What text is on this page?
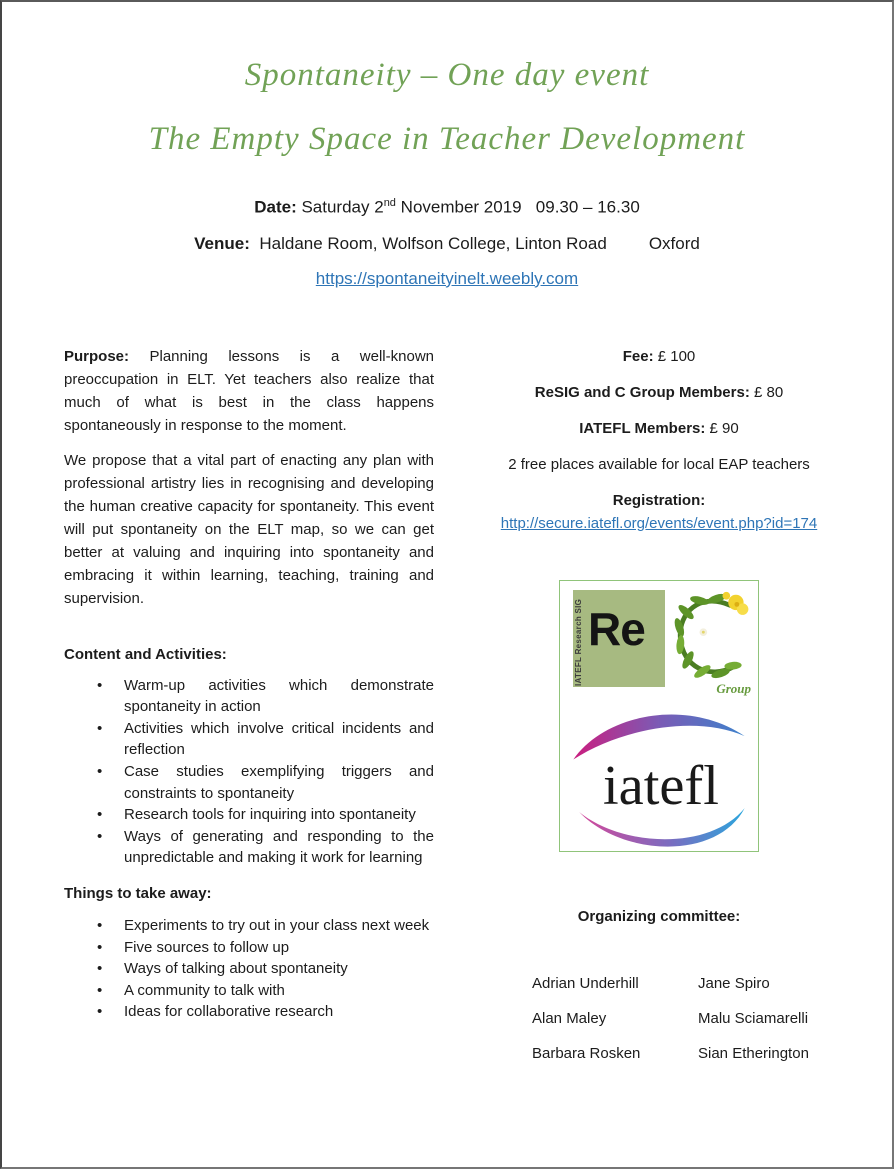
Spontaneity – One day event
The Empty Space in Teacher Development
Date: Saturday 2nd November 2019   09.30 – 16.30
Venue:  Haldane Room, Wolfson College, Linton Road Oxford
https://spontaneityinelt.weebly.com

Purpose: Planning lessons is a well-known preoccupation in ELT. Yet teachers also realize that much of what is best in the class happens spontaneously in response to the moment.

We propose that a vital part of enacting any plan with professional artistry lies in recognising and developing the human creative capacity for spontaneity. This event will put spontaneity on the ELT map, so we can get better at valuing and inquiring into spontaneity and embracing it within learning, teaching, training and supervision.

Content and Activities:
• Warm-up activities which demonstrate spontaneity in action
• Activities which involve critical incidents and reflection
• Case studies exemplifying triggers and constraints to spontaneity
• Research tools for inquiring into spontaneity
• Ways of generating and responding to the unpredictable and making it work for learning
Things to take away:
• Experiments to try out in your class next week
• Five sources to follow up
• Ways of talking about spontaneity
• A community to talk with
• Ideas for collaborative research
Fee: £ 100
ReSIG and C Group Members: £ 80
IATEFL Members: £ 90
2 free places available for local EAP teachers
Registration:
http://secure.iatefl.org/events/event.php?id=174
IATEFL Research SIG Re
Group
iatefl
Organizing committee:
Adrian Underhill
Alan Maley
Barbara Rosken
Jane Spiro
Malu Sciamarelli
Sian Etherington
